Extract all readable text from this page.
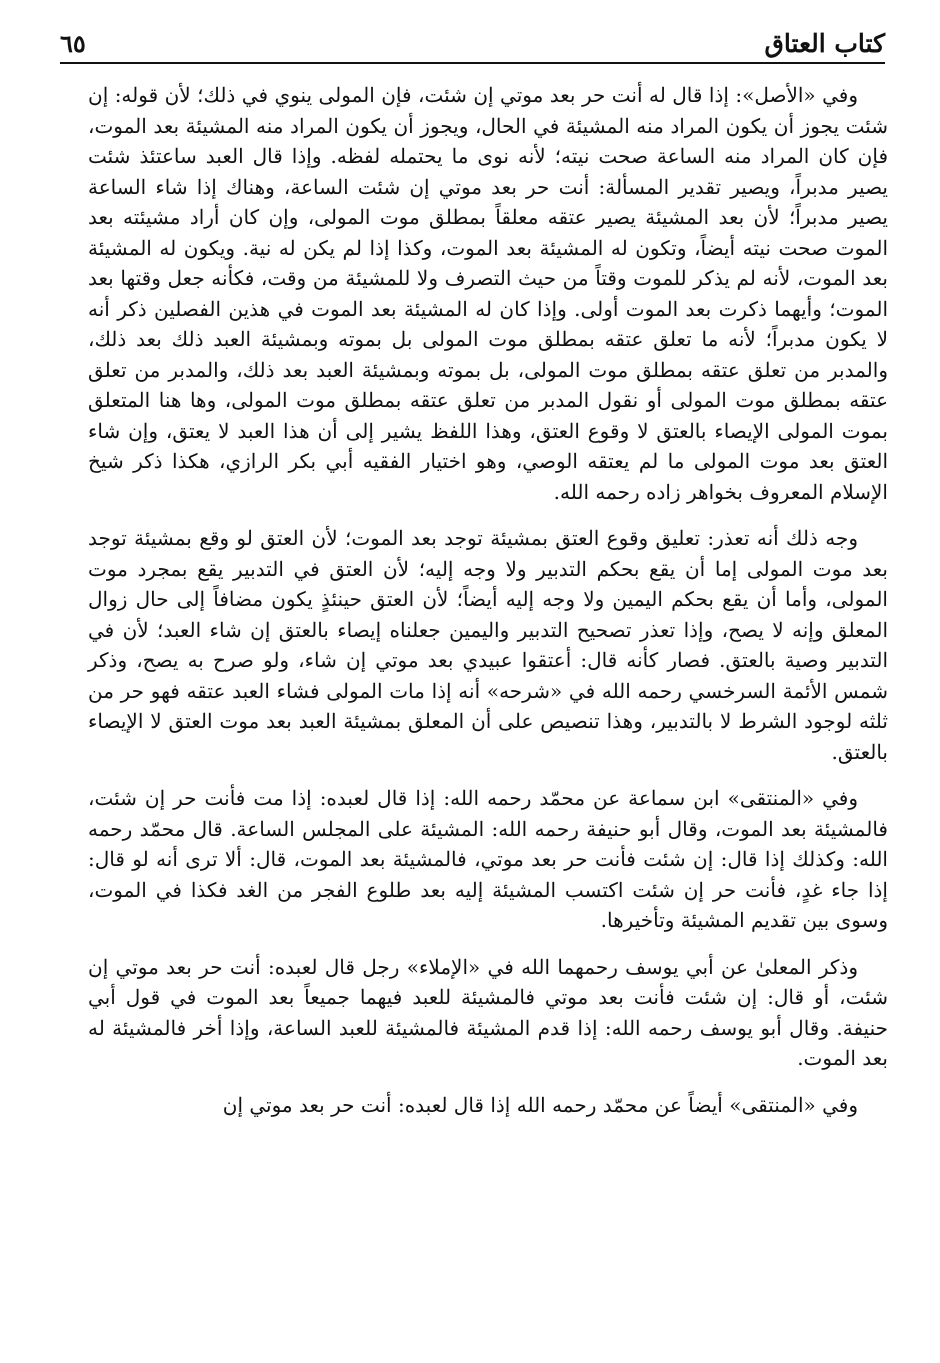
كتاب العتاق
٦٥

وفي «الأصل»: إذا قال له أنت حر بعد موتي إن شئت، فإن المولى ينوي في ذلك؛ لأن قوله: إن شئت يجوز أن يكون المراد منه المشيئة في الحال، ويجوز أن يكون المراد منه المشيئة بعد الموت، فإن كان المراد منه الساعة صحت نيته؛ لأنه نوى ما يحتمله لفظه. وإذا قال العبد ساعتئذ شئت يصير مدبراً، ويصير تقدير المسألة: أنت حر بعد موتي إن شئت الساعة، وهناك إذا شاء الساعة يصير مدبراً؛ لأن بعد المشيئة يصير عتقه معلقاً بمطلق موت المولى، وإن كان أراد مشيئته بعد الموت صحت نيته أيضاً، وتكون له المشيئة بعد الموت، وكذا إذا لم يكن له نية. ويكون له المشيئة بعد الموت، لأنه لم يذكر للموت وقتاً من حيث التصرف ولا للمشيئة من وقت، فكأنه جعل وقتها بعد الموت؛ وأيهما ذكرت بعد الموت أولى. وإذا كان له المشيئة بعد الموت في هذين الفصلين ذكر أنه لا يكون مدبراً؛ لأنه ما تعلق عتقه بمطلق موت المولى بل بموته وبمشيئة العبد ذلك بعد ذلك، والمدبر من تعلق عتقه بمطلق موت المولى، بل بموته وبمشيئة العبد بعد ذلك، والمدبر من تعلق عتقه بمطلق موت المولى أو نقول المدبر من تعلق عتقه بمطلق موت المولى، وها هنا المتعلق بموت المولى الإيصاء بالعتق لا وقوع العتق، وهذا اللفظ يشير إلى أن هذا العبد لا يعتق، وإن شاء العتق بعد موت المولى ما لم يعتقه الوصي، وهو اختيار الفقيه أبي بكر الرازي، هكذا ذكر شيخ الإسلام المعروف بخواهر زاده رحمه الله.

وجه ذلك أنه تعذر: تعليق وقوع العتق بمشيئة توجد بعد الموت؛ لأن العتق لو وقع بمشيئة توجد بعد موت المولى إما أن يقع بحكم التدبير ولا وجه إليه؛ لأن العتق في التدبير يقع بمجرد موت المولى، وأما أن يقع بحكم اليمين ولا وجه إليه أيضاً؛ لأن العتق حينئذٍ يكون مضافاً إلى حال زوال المعلق وإنه لا يصح، وإذا تعذر تصحيح التدبير واليمين جعلناه إيصاء بالعتق إن شاء العبد؛ لأن في التدبير وصية بالعتق. فصار كأنه قال: أعتقوا عبيدي بعد موتي إن شاء، ولو صرح به يصح، وذكر شمس الأئمة السرخسي رحمه الله في «شرحه» أنه إذا مات المولى فشاء العبد عتقه فهو حر من ثلثه لوجود الشرط لا بالتدبير، وهذا تنصيص على أن المعلق بمشيئة العبد بعد موت العتق لا الإيصاء بالعتق.

وفي «المنتقى» ابن سماعة عن محمّد رحمه الله: إذا قال لعبده: إذا مت فأنت حر إن شئت، فالمشيئة بعد الموت، وقال أبو حنيفة رحمه الله: المشيئة على المجلس الساعة. قال محمّد رحمه الله: وكذلك إذا قال: إن شئت فأنت حر بعد موتي، فالمشيئة بعد الموت، قال: ألا ترى أنه لو قال: إذا جاء غدٍ، فأنت حر إن شئت اكتسب المشيئة إليه بعد طلوع الفجر من الغد فكذا في الموت، وسوى بين تقديم المشيئة وتأخيرها.

وذكر المعلىٰ عن أبي يوسف رحمهما الله في «الإملاء» رجل قال لعبده: أنت حر بعد موتي إن شئت، أو قال: إن شئت فأنت بعد موتي فالمشيئة للعبد فيهما جميعاً بعد الموت في قول أبي حنيفة. وقال أبو يوسف رحمه الله: إذا قدم المشيئة فالمشيئة للعبد الساعة، وإذا أخر فالمشيئة له بعد الموت.

وفي «المنتقى» أيضاً عن محمّد رحمه الله إذا قال لعبده: أنت حر بعد موتي إن
